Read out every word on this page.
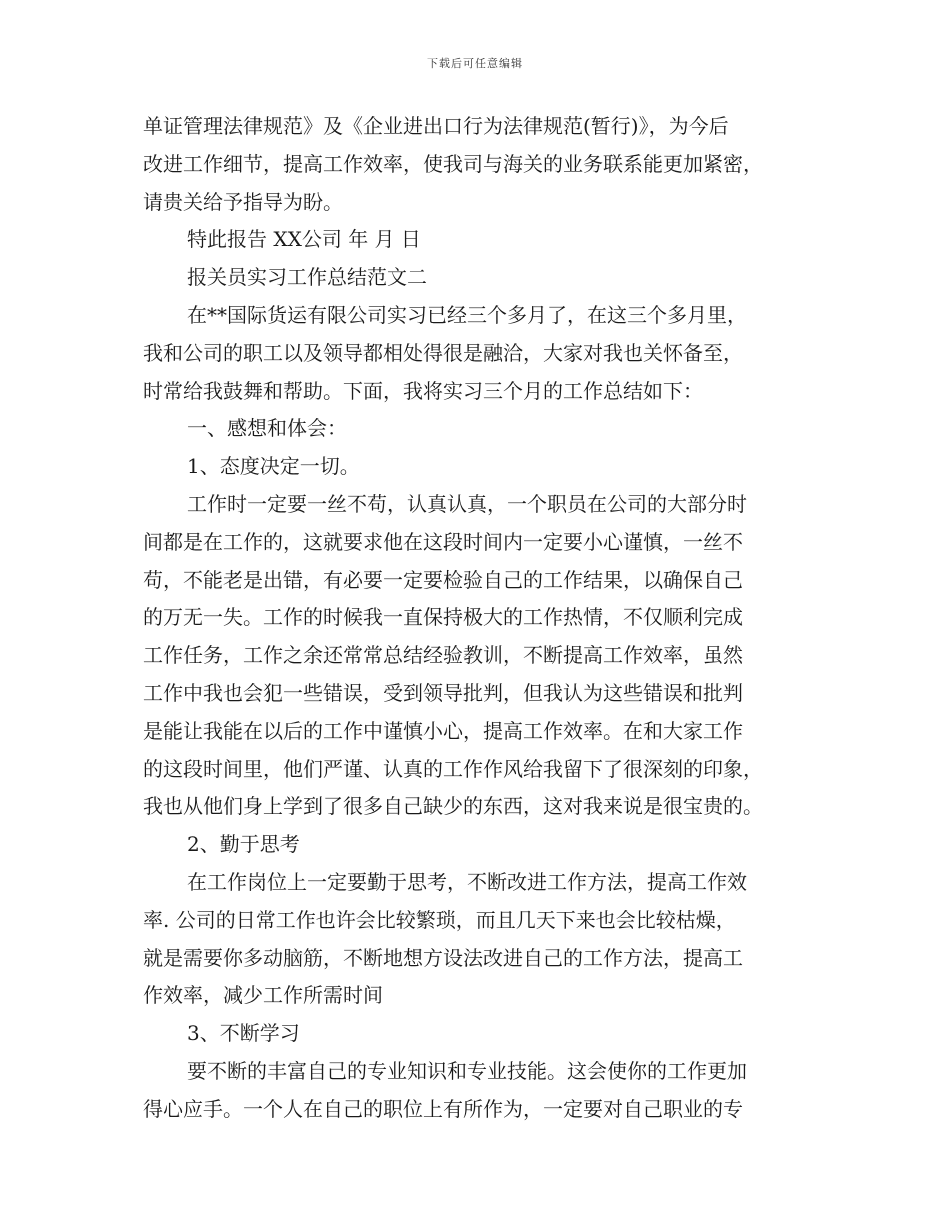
下载后可任意编辑
单证管理法律规范》及《企业进出口行为法律规范(暂行)》，为今后
改进工作细节，提高工作效率，使我司与海关的业务联系能更加紧密，
请贵关给予指导为盼。
特此报告 XX公司 年 月 日
报关员实习工作总结范文二
在**国际货运有限公司实习已经三个多月了，在这三个多月里，
我和公司的职工以及领导都相处得很是融洽，大家对我也关怀备至，
时常给我鼓舞和帮助。下面，我将实习三个月的工作总结如下：
一、感想和体会：
1、态度决定一切。
工作时一定要一丝不苟，认真认真，一个职员在公司的大部分时
间都是在工作的，这就要求他在这段时间内一定要小心谨慎，一丝不
苟，不能老是出错，有必要一定要检验自己的工作结果，以确保自己
的万无一失。工作的时候我一直保持极大的工作热情，不仅顺利完成
工作任务，工作之余还常常总结经验教训，不断提高工作效率，虽然
工作中我也会犯一些错误，受到领导批判，但我认为这些错误和批判
是能让我能在以后的工作中谨慎小心，提高工作效率。在和大家工作
的这段时间里，他们严谨、认真的工作作风给我留下了很深刻的印象，
我也从他们身上学到了很多自己缺少的东西，这对我来说是很宝贵的。
2、勤于思考
在工作岗位上一定要勤于思考，不断改进工作方法，提高工作效
率. 公司的日常工作也许会比较繁琐，而且几天下来也会比较枯燥，
就是需要你多动脑筋，不断地想方设法改进自己的工作方法，提高工
作效率，减少工作所需时间
3、不断学习
要不断的丰富自己的专业知识和专业技能。这会使你的工作更加
得心应手。一个人在自己的职位上有所作为，一定要对自己职业的专
